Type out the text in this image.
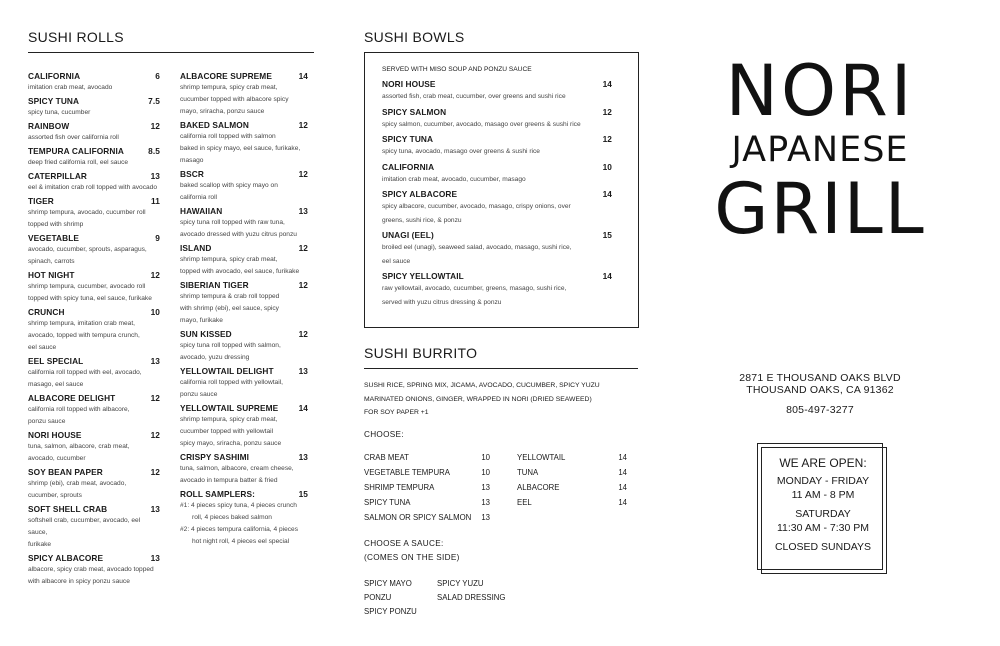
SUSHI ROLLS
CALIFORNIA	6
imitation crab meat, avocado
SPICY TUNA	7.5
spicy tuna, cucumber
RAINBOW	12
assorted fish over california roll
TEMPURA CALIFORNIA	8.5
deep fried california roll, eel sauce
CATERPILLAR	13
eel & imitation crab roll topped with avocado
TIGER	11
shrimp tempura, avocado, cucumber roll
topped with shrimp
VEGETABLE	9
avocado, cucumber, sprouts, asparagus,
spinach, carrots
HOT NIGHT	12
shrimp tempura, cucumber, avocado roll
topped with spicy tuna, eel sauce, furikake
CRUNCH	10
shrimp tempura, imitation crab meat,
avocado, topped with tempura crunch,
eel sauce
EEL SPECIAL	13
california roll topped with eel, avocado,
masago, eel sauce
ALBACORE DELIGHT	12
california roll topped with albacore,
ponzu sauce
NORI HOUSE	12
tuna, salmon, albacore, crab meat,
avocado, cucumber
SOY BEAN PAPER	12
shrimp (ebi), crab meat, avocado,
cucumber, sprouts
SOFT SHELL CRAB	13
softshell crab, cucumber, avocado, eel sauce,
furikake
SPICY ALBACORE	13
albacore, spicy crab meat, avocado topped
with albacore in spicy ponzu sauce
ALBACORE SUPREME	14
shrimp tempura, spicy crab meat,
cucumber topped with albacore spicy
mayo, sriracha, ponzu sauce
BAKED SALMON	12
california roll topped with salmon
baked in spicy mayo, eel sauce, furikake,
masago
BSCR	12
baked scallop with spicy mayo on
california roll
HAWAIIAN	13
spicy tuna roll topped with raw tuna,
avocado dressed with yuzu citrus ponzu
ISLAND	12
shrimp tempura, spicy crab meat,
topped with avocado, eel sauce, furikake
SIBERIAN TIGER	12
shrimp tempura & crab roll topped
with shrimp (ebi), eel sauce, spicy
mayo, furikake
SUN KISSED	12
spicy tuna roll topped with salmon,
avocado, yuzu dressing
YELLOWTAIL DELIGHT	13
california roll topped with yellowtail,
ponzu sauce
YELLOWTAIL SUPREME 14
shrimp tempura, spicy crab meat,
cucumber topped with yellowtail
spicy mayo, sriracha, ponzu sauce
CRISPY SASHIMI	13
tuna, salmon, albacore, cream cheese,
avocado in tempura batter & fried
ROLL SAMPLERS:	15
#1: 4 pieces spicy tuna, 4 pieces crunch roll, 4 pieces baked salmon
#2: 4 pieces tempura california, 4 pieces hot night roll, 4 pieces eel special
SUSHI BOWLS
SERVED WITH MISO SOUP AND PONZU SAUCE
NORI HOUSE	14
assorted fish, crab meat, cucumber, over greens and sushi rice
SPICY SALMON	12
spicy salmon, cucumber, avocado, masago over greens & sushi rice
SPICY TUNA	12
spicy tuna, avocado, masago over greens & sushi rice
CALIFORNIA	10
imitation crab meat, avocado, cucumber, masago
SPICY ALBACORE	14
spicy albacore, cucumber, avocado, masago, crispy onions, over
greens, sushi rice, & ponzu
UNAGI (EEL)	15
broiled eel (unagi), seaweed salad, avocado, masago, sushi rice,
eel sauce
SPICY YELLOWTAIL	14
raw yellowtail, avocado, cucumber, greens, masago, sushi rice,
served with yuzu citrus dressing & ponzu
SUSHI BURRITO
SUSHI RICE, SPRING MIX, JICAMA, AVOCADO, CUCUMBER, SPICY YUZU
MARINATED ONIONS, GINGER, WRAPPED IN NORI (DRIED SEAWEED)
FOR SOY PAPER +1
CHOOSE:
CRAB MEAT	10
VEGETABLE TEMPURA	10
SHRIMP TEMPURA	13
SPICY TUNA	13
SALMON OR SPICY SALMON 13
YELLOWTAIL	14
TUNA	14
ALBACORE	14
EEL	14
CHOOSE A SAUCE:
(COMES ON THE SIDE)
SPICY MAYO
PONZU
SPICY PONZU
SPICY YUZU
SALAD DRESSING
NORI
JAPANESE
GRILL
2871 E THOUSAND OAKS BLVD
THOUSAND OAKS, CA 91362
805-497-3277
WE ARE OPEN:
MONDAY - FRIDAY
11 AM - 8 PM
SATURDAY
11:30 AM - 7:30 PM
CLOSED SUNDAYS
